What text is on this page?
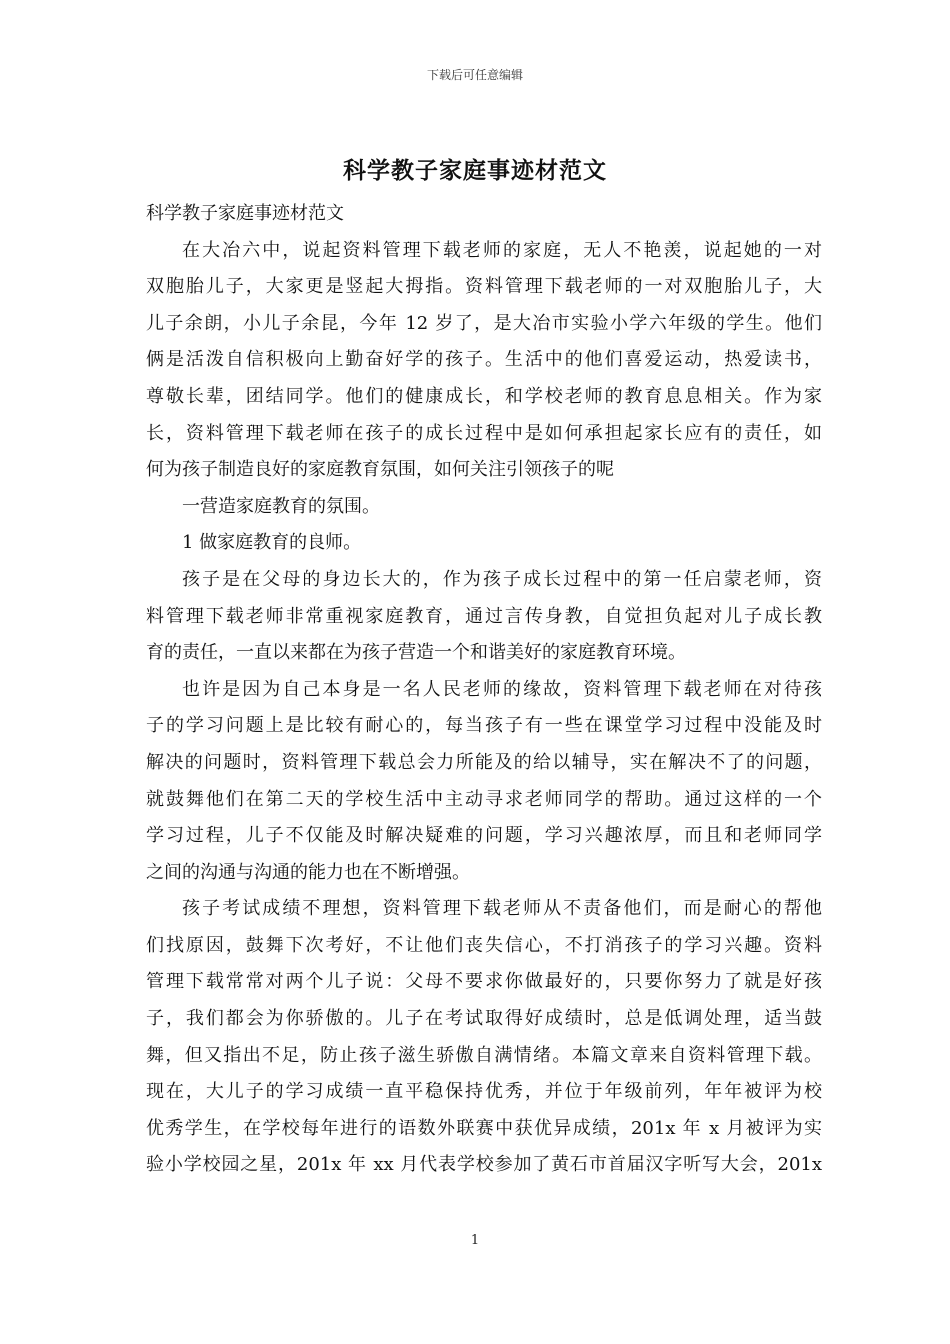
下载后可任意编辑
科学教子家庭事迹材范文
科学教子家庭事迹材范文
在大冶六中，说起资料管理下载老师的家庭，无人不艳羡，说起她的一对
双胞胎儿子，大家更是竖起大拇指。资料管理下载老师的一对双胞胎儿子，大
儿子余朗，小儿子余昆，今年 12 岁了，是大冶市实验小学六年级的学生。他们
俩是活泼自信积极向上勤奋好学的孩子。生活中的他们喜爱运动，热爱读书，
尊敬长辈，团结同学。他们的健康成长，和学校老师的教育息息相关。作为家
长，资料管理下载老师在孩子的成长过程中是如何承担起家长应有的责任，如
何为孩子制造良好的家庭教育氛围，如何关注引领孩子的呢
一营造家庭教育的氛围。
1 做家庭教育的良师。
孩子是在父母的身边长大的，作为孩子成长过程中的第一任启蒙老师，资
料管理下载老师非常重视家庭教育，通过言传身教，自觉担负起对儿子成长教
育的责任，一直以来都在为孩子营造一个和谐美好的家庭教育环境。
也许是因为自己本身是一名人民老师的缘故，资料管理下载老师在对待孩
子的学习问题上是比较有耐心的，每当孩子有一些在课堂学习过程中没能及时
解决的问题时，资料管理下载总会力所能及的给以辅导，实在解决不了的问题，
就鼓舞他们在第二天的学校生活中主动寻求老师同学的帮助。通过这样的一个
学习过程，儿子不仅能及时解决疑难的问题，学习兴趣浓厚，而且和老师同学
之间的沟通与沟通的能力也在不断增强。
孩子考试成绩不理想，资料管理下载老师从不责备他们，而是耐心的帮他
们找原因，鼓舞下次考好，不让他们丧失信心，不打消孩子的学习兴趣。资料
管理下载常常对两个儿子说：父母不要求你做最好的，只要你努力了就是好孩
子，我们都会为你骄傲的。儿子在考试取得好成绩时，总是低调处理，适当鼓
舞，但又指出不足，防止孩子滋生骄傲自满情绪。本篇文章来自资料管理下载。
现在，大儿子的学习成绩一直平稳保持优秀，并位于年级前列，年年被评为校
优秀学生，在学校每年进行的语数外联赛中获优异成绩，201x 年 x 月被评为实
验小学校园之星，201x 年 xx 月代表学校参加了黄石市首届汉字听写大会，201x
1
